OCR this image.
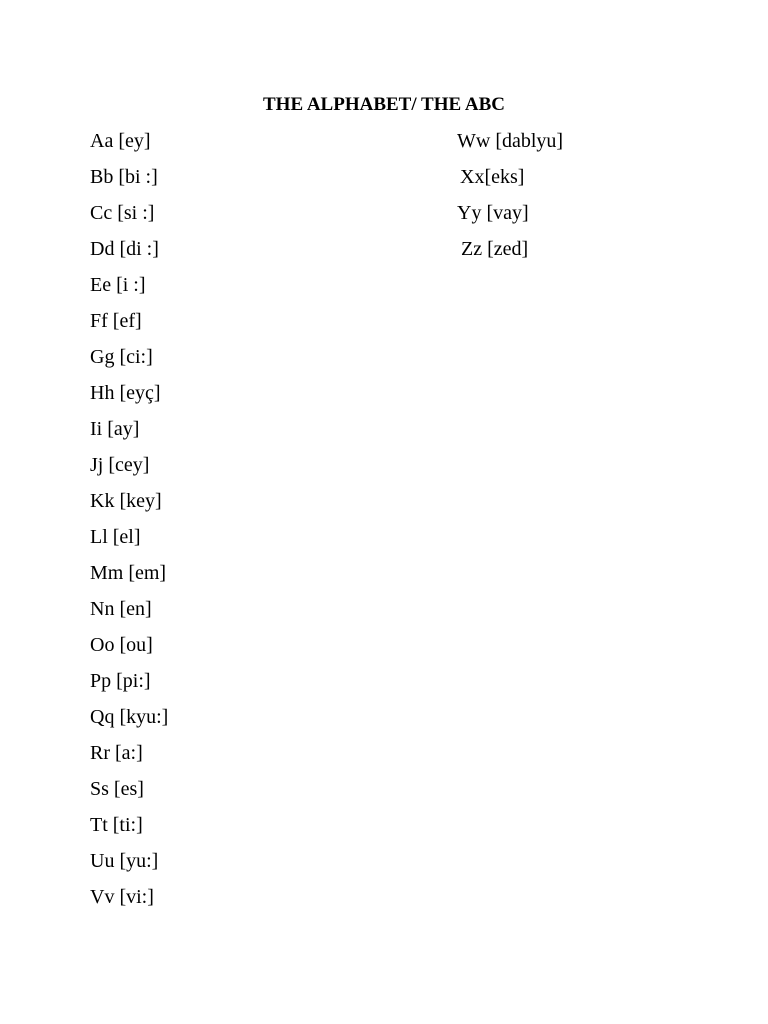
THE ALPHABET/ THE ABC
Aa [ey]
Bb [bi :]
Cc [si :]
Dd [di :]
Ee [i :]
Ff [ef]
Gg [ci:]
Hh [eyç]
Ii [ay]
Jj [cey]
Kk [key]
Ll [el]
Mm [em]
Nn [en]
Oo [ou]
Pp [pi:]
Qq [kyu:]
Rr [a:]
Ss [es]
Tt [ti:]
Uu [yu:]
Vv [vi:]
Ww [dablyu]
Xx[eks]
Yy [vay]
Zz [zed]
